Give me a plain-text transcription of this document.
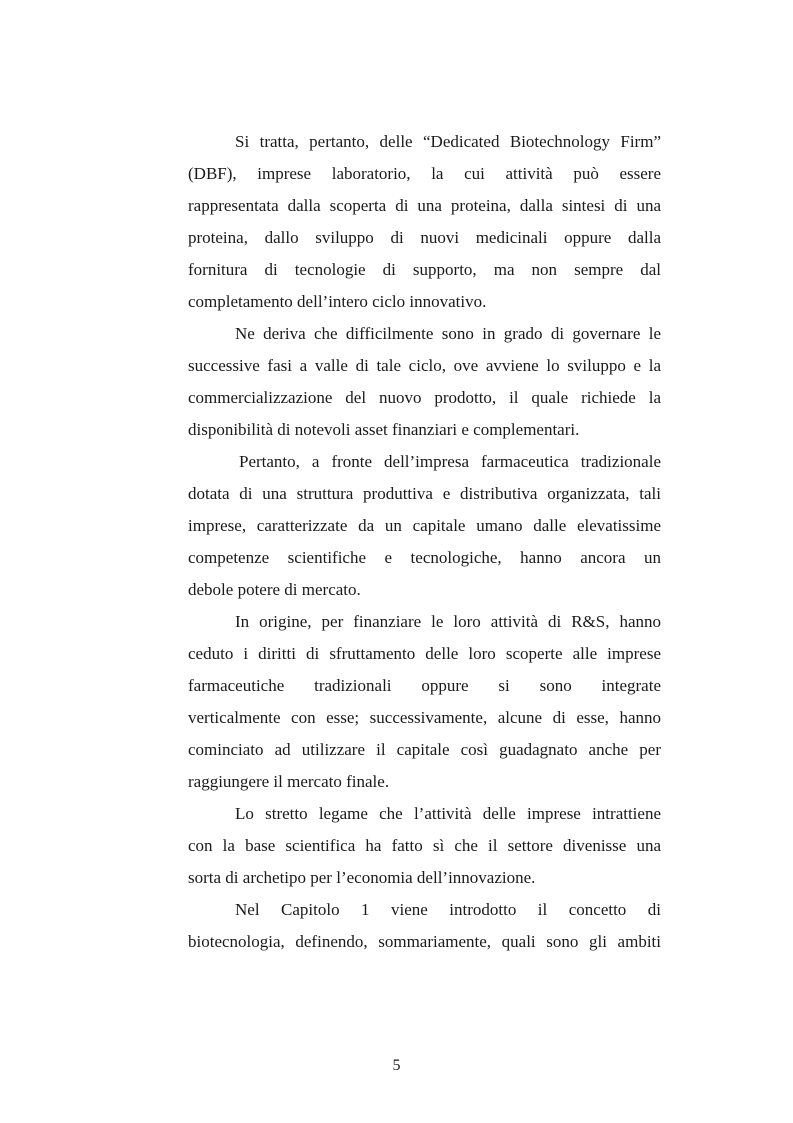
Si tratta, pertanto, delle “Dedicated Biotechnology Firm”
(DBF), imprese laboratorio, la cui attività può essere
rappresentata dalla scoperta di una proteina, dalla sintesi di una
proteina, dallo sviluppo di nuovi medicinali oppure dalla
fornitura di tecnologie di supporto, ma non sempre dal
completamento dell’intero ciclo innovativo.
Ne deriva che difficilmente sono in grado di governare le
successive fasi a valle di tale ciclo, ove avviene lo sviluppo e la
commercializzazione del nuovo prodotto, il quale richiede la
disponibilità di notevoli asset finanziari e complementari.
Pertanto, a fronte dell’impresa farmaceutica tradizionale
dotata di una struttura produttiva e distributiva organizzata, tali
imprese, caratterizzate da un capitale umano dalle elevatissime
competenze scientifiche e tecnologiche, hanno ancora un
debole potere di mercato.
In origine, per finanziare le loro attività di R&S, hanno
ceduto i diritti di sfruttamento delle loro scoperte alle imprese
farmaceutiche tradizionali oppure si sono integrate
verticalmente con esse; successivamente, alcune di esse, hanno
cominciato ad utilizzare il capitale così guadagnato anche per
raggiungere il mercato finale.
Lo stretto legame che l’attività delle imprese intrattiene
con la base scientifica ha fatto sì che il settore divenisse una
sorta di archetipo per l’economia dell’innovazione.
Nel Capitolo 1 viene introdotto il concetto di
biotecnologia, definendo, sommariamente, quali sono gli ambiti
5
